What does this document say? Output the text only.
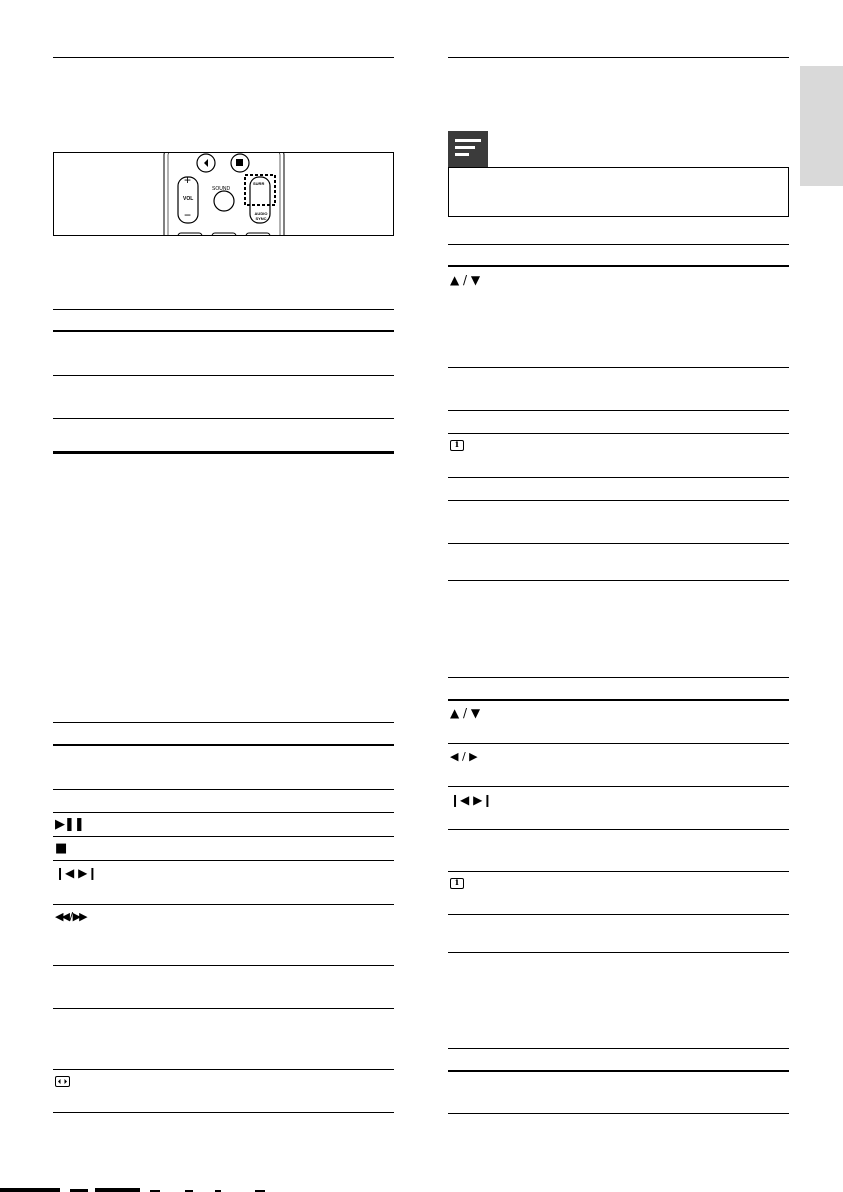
+
VOL
−
SOUND
SURR
AUDIO SYNC
▶❚❚
■
❙◀ ▶❙
◀◀ / ▶▶
▲ / ▼
i
▲ / ▼
◀ / ▶
❙◀ ▶❙
i
